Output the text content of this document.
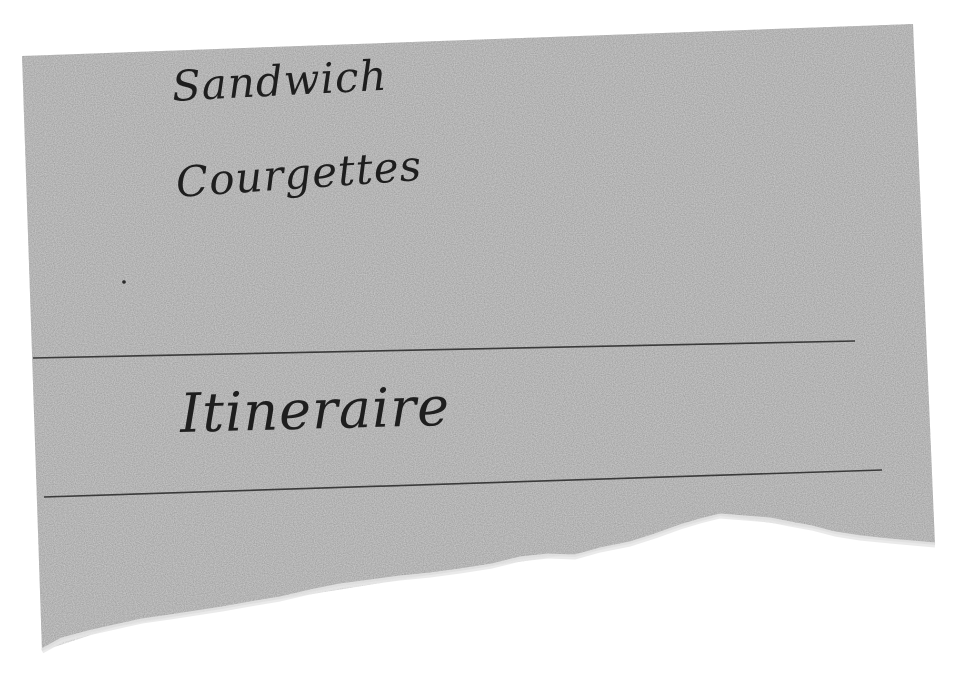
Sandwich
Courgettes
Itineraire
